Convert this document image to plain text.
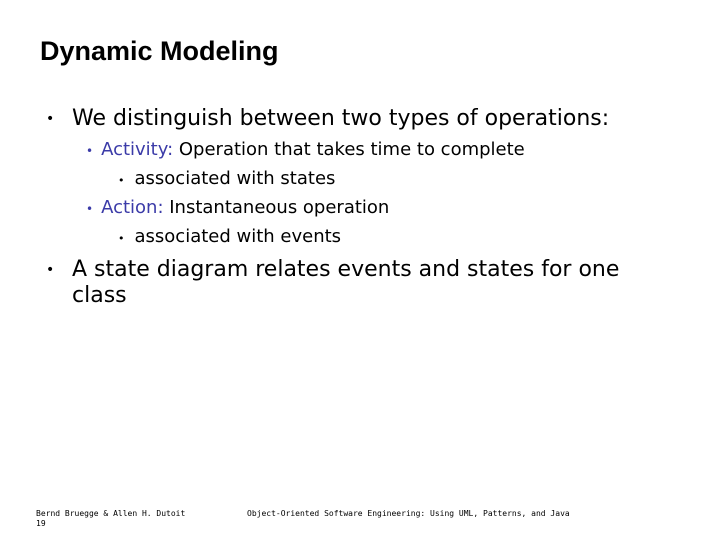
Dynamic Modeling
• We distinguish between two types of operations:
• Activity: Operation that takes time to complete
• associated with states
• Action: Instantaneous operation
• associated with events
• A state diagram relates events and states for one class
Bernd Bruegge & Allen H. Dutoit
19
Object-Oriented Software Engineering: Using UML, Patterns, and Java
